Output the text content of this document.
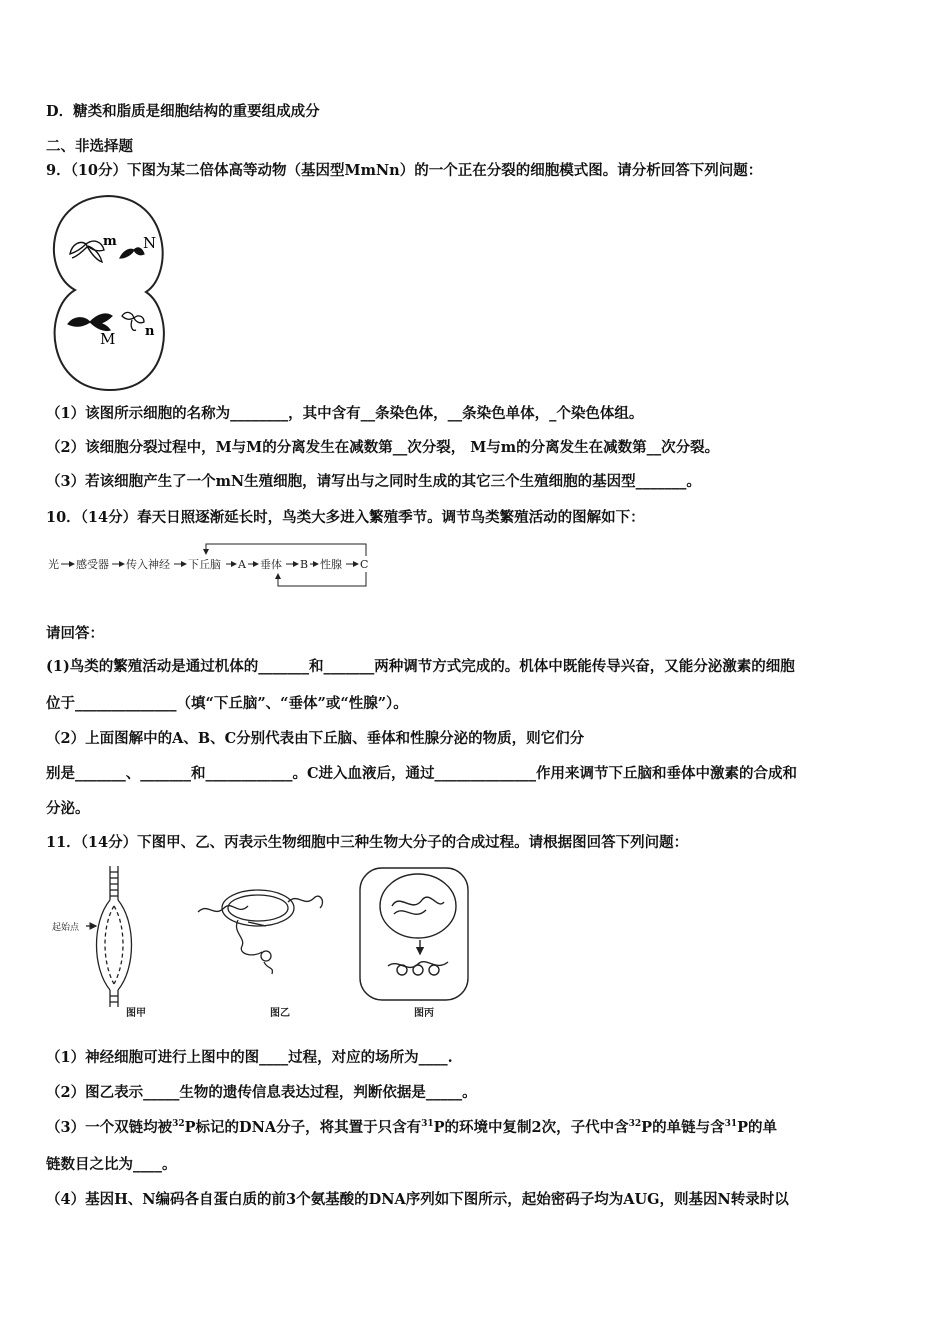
D．糖类和脂质是细胞结构的重要组成成分
二、非选择题
9．（10分）下图为某二倍体高等动物（基因型MmNn）的一个正在分裂的细胞模式图。请分析回答下列问题：
m N
M n
（1）该图所示细胞的名称为________，其中含有__条染色体，__条染色单体，_个染色体组。
（2）该细胞分裂过程中，M与M的分离发生在减数第__次分裂， M与m的分离发生在减数第__次分裂。
（3）若该细胞产生了一个mN生殖细胞，请写出与之同时生成的其它三个生殖细胞的基因型_______。
10．（14分）春天日照逐渐延长时，鸟类大多进入繁殖季节。调节鸟类繁殖活动的图解如下：
光 感受器 传入神经 下丘脑 A 垂体 B 性腺 C
请回答：
(1)鸟类的繁殖活动是通过机体的_______和_______两种调节方式完成的。机体中既能传导兴奋，又能分泌激素的细胞
位于______________（填“下丘脑”、“垂体”或“性腺”）。
（2）上面图解中的A、B、C分别代表由下丘脑、垂体和性腺分泌的物质，则它们分
别是_______、_______和____________。C进入血液后，通过______________作用来调节下丘脑和垂体中激素的合成和
分泌。
11．（14分）下图甲、乙、丙表示生物细胞中三种生物大分子的合成过程。请根据图回答下列问题：
起始点
图甲	图乙	图丙
（1）神经细胞可进行上图中的图____过程，对应的场所为____.
（2）图乙表示_____生物的遗传信息表达过程，判断依据是_____。
（3）一个双链均被$^{32}$P标记的DNA分子，将其置于只含有$^{31}$P的环境中复制2次，子代中含$^{32}$P的单链与含$^{31}$P的单
链数目之比为____。
（4）基因H、N编码各自蛋白质的前3个氨基酸的DNA序列如下图所示，起始密码子均为AUG，则基因N转录时以
